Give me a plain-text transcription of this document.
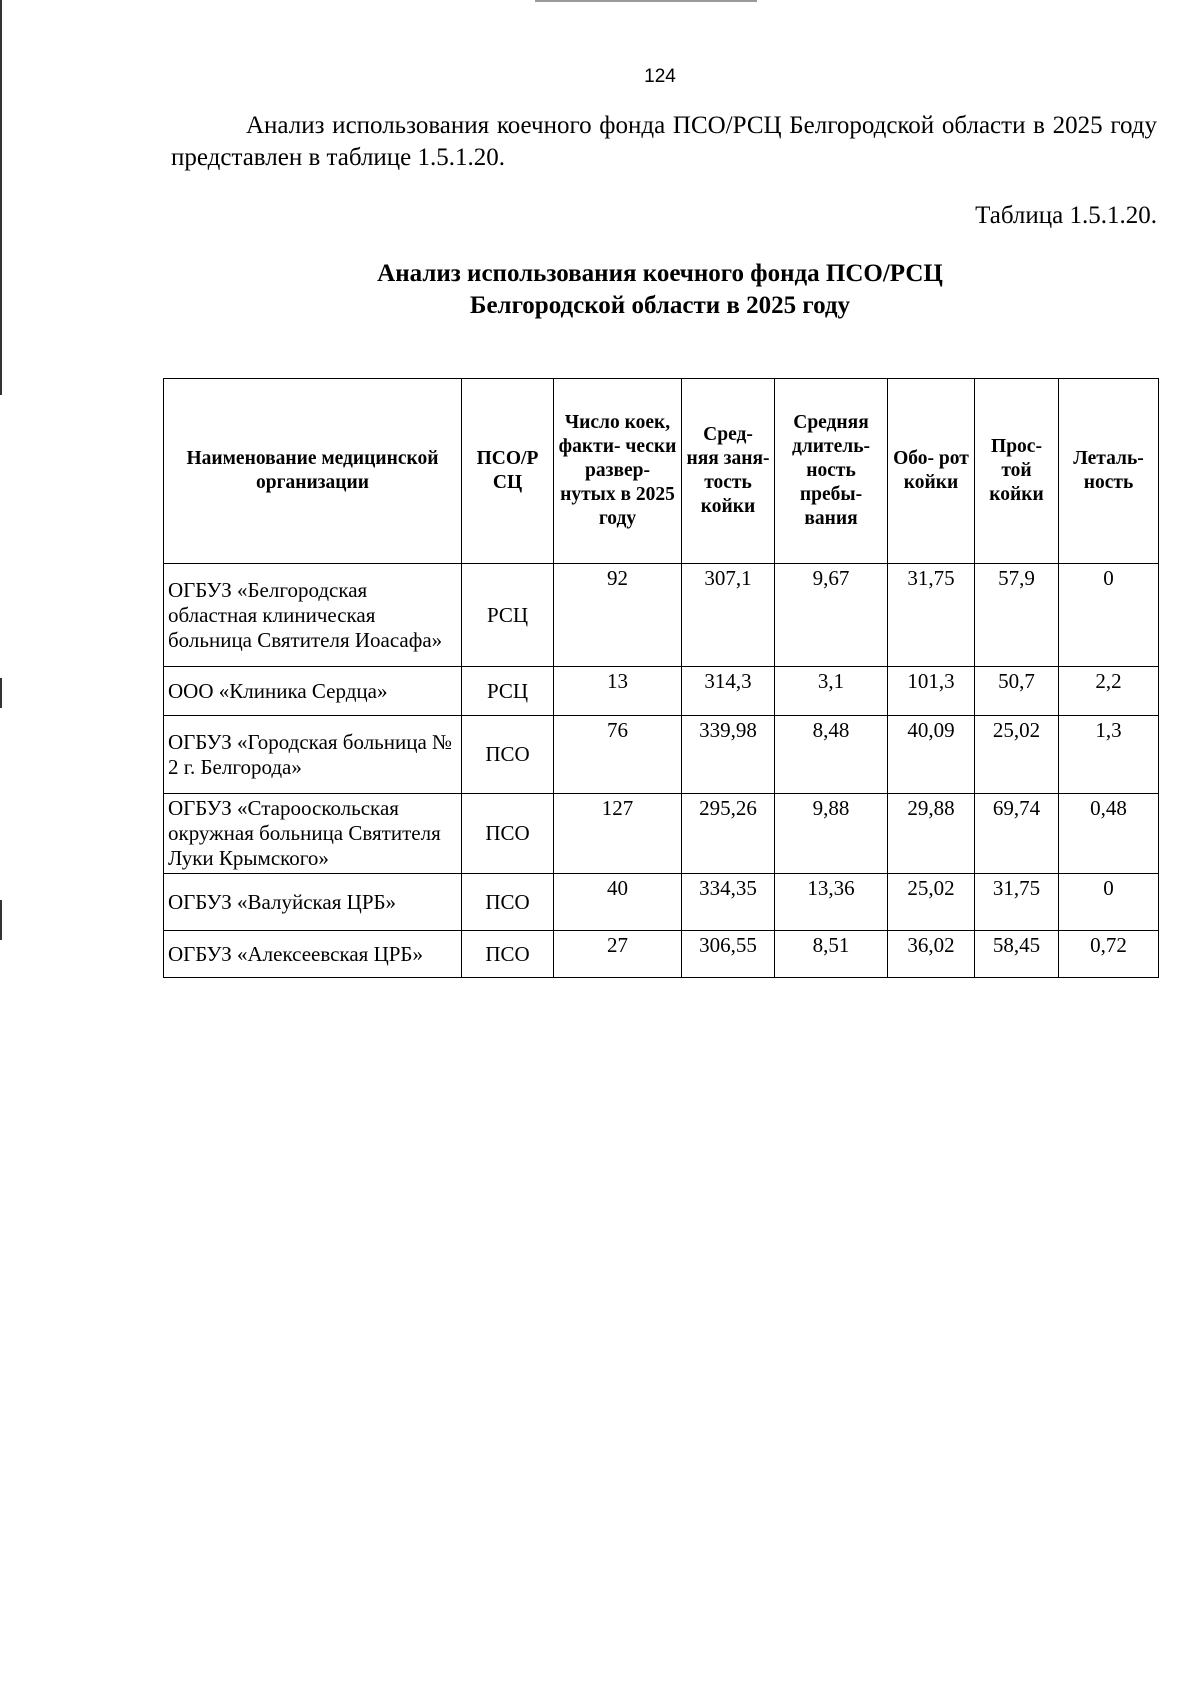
124
Анализ использования коечного фонда ПСО/РСЦ Белгородской области в 2025 году представлен в таблице 1.5.1.20.
Таблица 1.5.1.20.
Анализ использования коечного фонда ПСО/РСЦ
Белгородской области в 2025 году
Наименование медицинской организации	ПСО/Р СЦ	Число коек, факти- чески развер- нутых в 2025 году	Сред- няя заня- тость койки	Средняя длитель- ность пребы- вания	Обо- рот койки	Прос- той койки	Леталь- ность
ОГБУЗ «Белгородская областная клиническая больница Святителя Иоасафа»	РСЦ	92	307,1	9,67	31,75	57,9	0
ООО «Клиника Сердца»	РСЦ	13	314,3	3,1	101,3	50,7	2,2
ОГБУЗ «Городская больница № 2 г. Белгорода»	ПСО	76	339,98	8,48	40,09	25,02	1,3
ОГБУЗ «Старооскольская окружная больница Святителя Луки Крымского»	ПСО	127	295,26	9,88	29,88	69,74	0,48
ОГБУЗ «Валуйская ЦРБ»	ПСО	40	334,35	13,36	25,02	31,75	0
ОГБУЗ «Алексеевская ЦРБ»	ПСО	27	306,55	8,51	36,02	58,45	0,72
